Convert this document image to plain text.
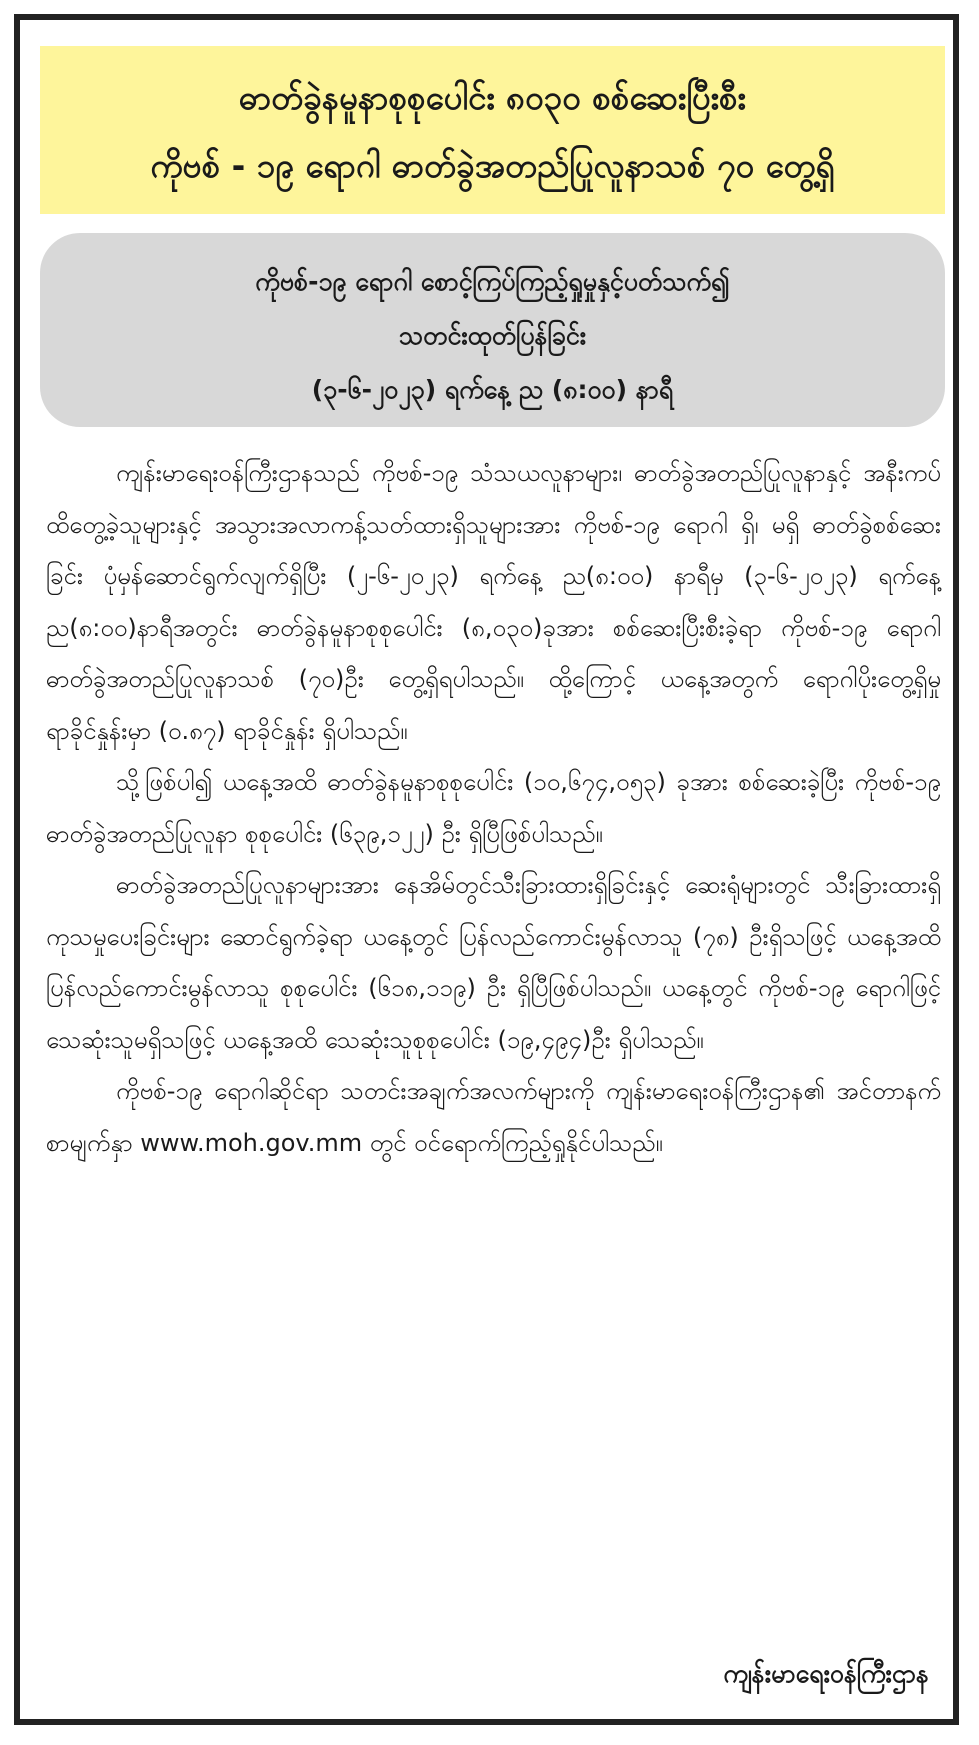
ဓာတ်ခွဲနမူနာစုစုပေါင်း ၈၀၃၀ စစ်ဆေးပြီးစီး
ကိုဗစ် - ၁၉ ရောဂါ ဓာတ်ခွဲအတည်ပြုလူနာသစ် ၇၀ တွေ့ရှိ
ကိုဗစ်-၁၉ ရောဂါ စောင့်ကြပ်ကြည့်ရှုမှုနှင့်ပတ်သက်၍
သတင်းထုတ်ပြန်ခြင်း
(၃-၆-၂၀၂၃) ရက်နေ့ ည (၈:၀၀) နာရီ

ကျန်းမာရေးဝန်ကြီးဌာနသည် ကိုဗစ်-၁၉ သံသယလူနာများ၊ ဓာတ်ခွဲအတည်ပြုလူနာနှင့် အနီးကပ်ထိတွေ့ခဲ့သူများနှင့် အသွားအလာကန့်သတ်ထားရှိသူများအား ကိုဗစ်-၁၉ ရောဂါ ရှိ၊ မရှိ ဓာတ်ခွဲစစ်ဆေးခြင်း ပုံမှန်ဆောင်ရွက်လျက်ရှိပြီး (၂-၆-၂၀၂၃) ရက်နေ့ ည(၈:၀၀) နာရီမှ (၃-၆-၂၀၂၃) ရက်နေ့ ည(၈:၀၀)နာရီအတွင်း ဓာတ်ခွဲနမူနာစုစုပေါင်း (၈,၀၃၀)ခုအား စစ်ဆေးပြီးစီးခဲ့ရာ ကိုဗစ်-၁၉ ရောဂါ ဓာတ်ခွဲအတည်ပြုလူနာသစ် (၇၀)ဦး တွေ့ရှိရပါသည်။ ထို့ကြောင့် ယနေ့အတွက် ရောဂါပိုးတွေ့ရှိမှု ရာခိုင်နှုန်းမှာ (၀.၈၇) ရာခိုင်နှုန်း ရှိပါသည်။

သို့ဖြစ်ပါ၍ ယနေ့အထိ ဓာတ်ခွဲနမူနာစုစုပေါင်း (၁၀,၆၇၄,၀၅၃) ခုအား စစ်ဆေးခဲ့ပြီး ကိုဗစ်-၁၉ ဓာတ်ခွဲအတည်ပြုလူနာ စုစုပေါင်း (၆၃၉,၁၂၂) ဦး ရှိပြီဖြစ်ပါသည်။

ဓာတ်ခွဲအတည်ပြုလူနာများအား နေအိမ်တွင်သီးခြားထားရှိခြင်းနှင့် ဆေးရုံများတွင် သီးခြားထားရှိကုသမှုပေးခြင်းများ ဆောင်ရွက်ခဲ့ရာ ယနေ့တွင် ပြန်လည်ကောင်းမွန်လာသူ (၇၈) ဦးရှိသဖြင့် ယနေ့အထိ ပြန်လည်ကောင်းမွန်လာသူ စုစုပေါင်း (၆၁၈,၁၁၉) ဦး ရှိပြီဖြစ်ပါသည်။ ယနေ့တွင် ကိုဗစ်-၁၉ ရောဂါဖြင့် သေဆုံးသူမရှိသဖြင့် ယနေ့အထိ သေဆုံးသူစုစုပေါင်း (၁၉,၄၉၄)ဦး ရှိပါသည်။

ကိုဗစ်-၁၉ ရောဂါဆိုင်ရာ သတင်းအချက်အလက်များကို ကျန်းမာရေးဝန်ကြီးဌာန၏ အင်တာနက်စာမျက်နှာ www.moh.gov.mm တွင် ဝင်ရောက်ကြည့်ရှုနိုင်ပါသည်။

ကျန်းမာရေးဝန်ကြီးဌာန
